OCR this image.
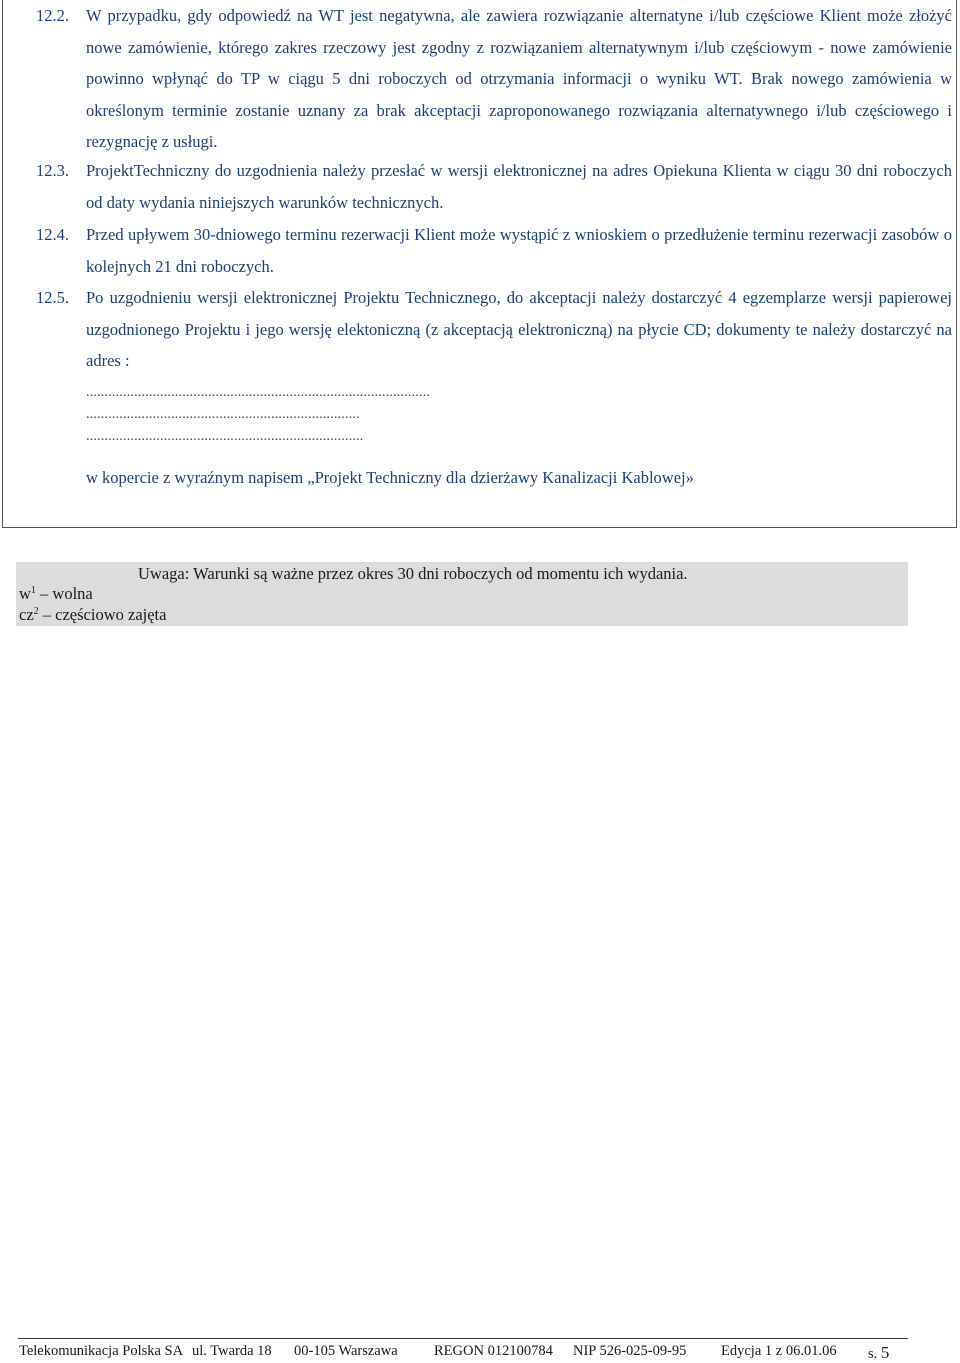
12.2.	W przypadku, gdy odpowiedź na WT jest negatywna, ale zawiera rozwiązanie alternatyne i/lub częściowe Klient może złożyć nowe zamówienie, którego zakres rzeczowy jest zgodny z rozwiązaniem alternatywnym i/lub częściowym - nowe zamówienie powinno wpłynąć do TP w ciągu 5 dni roboczych od otrzymania informacji o wyniku WT. Brak nowego zamówienia w określonym terminie zostanie uznany za brak akceptacji zaproponowanego rozwiązania alternatywnego i/lub częściowego i rezygnację z usługi.
12.3.	ProjektTechniczny do uzgodnienia należy przesłać w wersji elektronicznej na adres Opiekuna Klienta w ciągu 30 dni roboczych od daty wydania niniejszych warunków technicznych.
12.4.	Przed upływem 30-dniowego terminu rezerwacji Klient może wystąpić z wnioskiem o przedłużenie terminu rezerwacji zasobów o kolejnych 21 dni roboczych.
12.5.	Po uzgodnieniu wersji elektronicznej Projektu Technicznego, do akceptacji należy dostarczyć 4 egzemplarze wersji papierowej uzgodnionego Projektu i jego wersję elektoniczną (z akceptacją elektroniczną) na płycie CD; dokumenty te należy dostarczyć na adres :
.............................................................................................
..........................................................................
...........................................................................
w kopercie z wyraźnym napisem „Projekt Techniczny dla dzierżawy Kanalizacji Kablowej»
Uwaga: Warunki są ważne przez okres 30 dni roboczych od momentu ich wydania.
$w^1$ – wolna
$cz^2$ – częściowo zajęta
Telekomunikacja Polska SA ul. Twarda 18 00-105 Warszawa	REGON 012100784 NIP 526-025-09-95 Edycja 1 z 06.01.06 s. 5
